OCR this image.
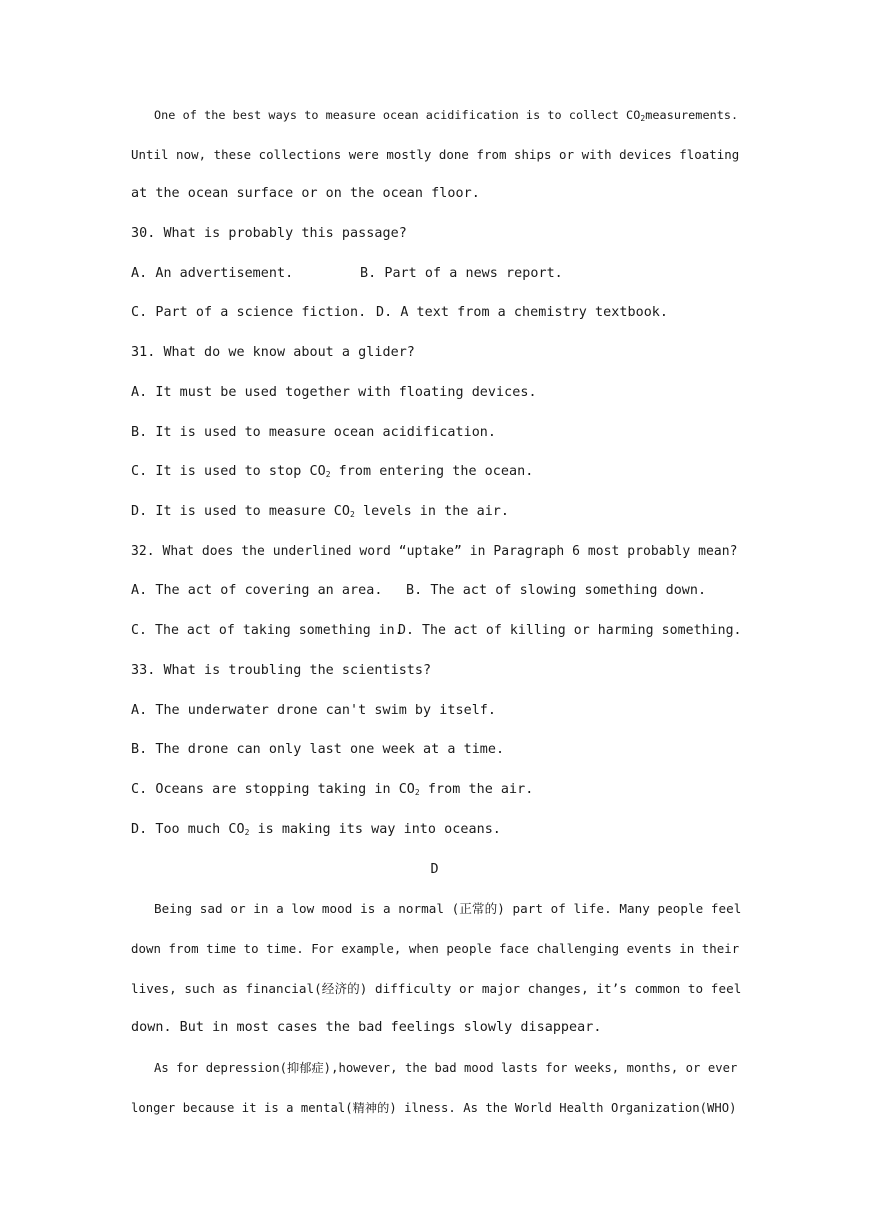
One of the best ways to measure ocean acidification is to collect $CO_2measurements$.
Until now, these collections were mostly done from ships or with devices floating
at the ocean surface or on the ocean floor.
30. What is probably this passage?
A. An advertisement.	B. Part of a news report.
C. Part of a science fiction. D. A text from a chemistry textbook.
31. What do we know about a glider?
A. It must be used together with floating devices.
B. It is used to measure ocean acidification.
C. It is used to stop $CO_2$ from entering the ocean.
D. It is used to measure $CO_2$ levels in the air.
32. What does the underlined word “uptake” in Paragraph 6 most probably mean?
A. The act of covering an area. B. The act of slowing something down.
C. The act of taking something in.
D. The act of killing or harming something.
33. What is troubling the scientists?
A. The underwater drone can't swim by itself.
B. The drone can only last one week at a time.
C. Oceans are stopping taking in $CO_2$ from the air.
D. Too much $CO_2$ is making its way into oceans.
D
Being sad or in a low mood is a normal (正常的) part of life. Many people feel
down from time to time. For example, when people face challenging events in their
lives, such as financial(经济的) difficulty or major changes, it’s common to feel
down. But in most cases the bad feelings slowly disappear.
As for depression(抑郁症),however, the bad mood lasts for weeks, months, or ever
longer because it is a mental(精神的) ilness. As the World Health Organization(WHO)
